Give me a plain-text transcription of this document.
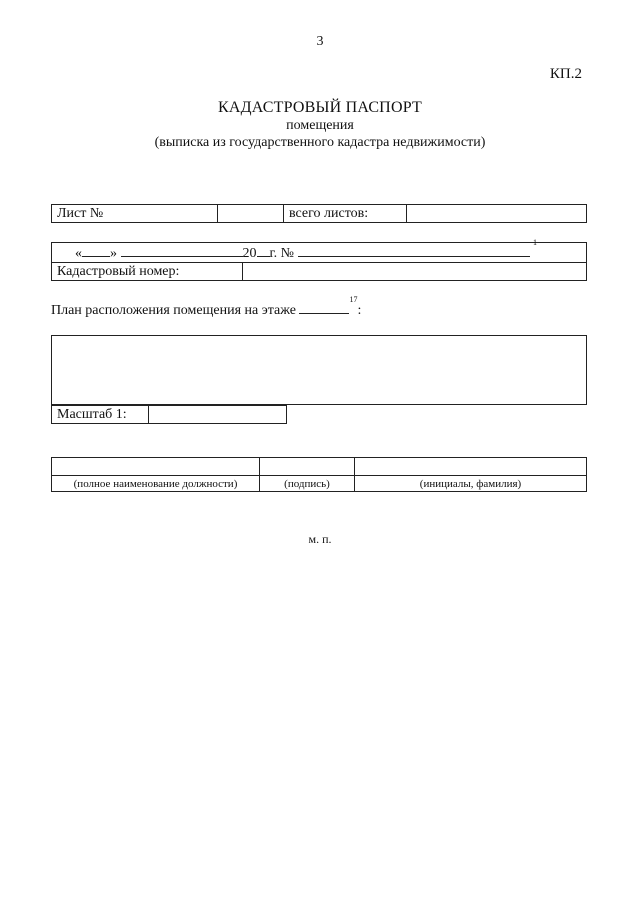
3
КП.2
КАДАСТРОВЫЙ ПАСПОРТ
помещения
(выписка из государственного кадастра недвижимости)
Лист №		всего листов:	
« »	20 г. №  $^1$
Кадастровый номер:	
План расположения помещения на этаже $^{17}$:
Масштаб 1:	

(полное наименование должности)	(подпись)	(инициалы, фамилия)
м. п.
